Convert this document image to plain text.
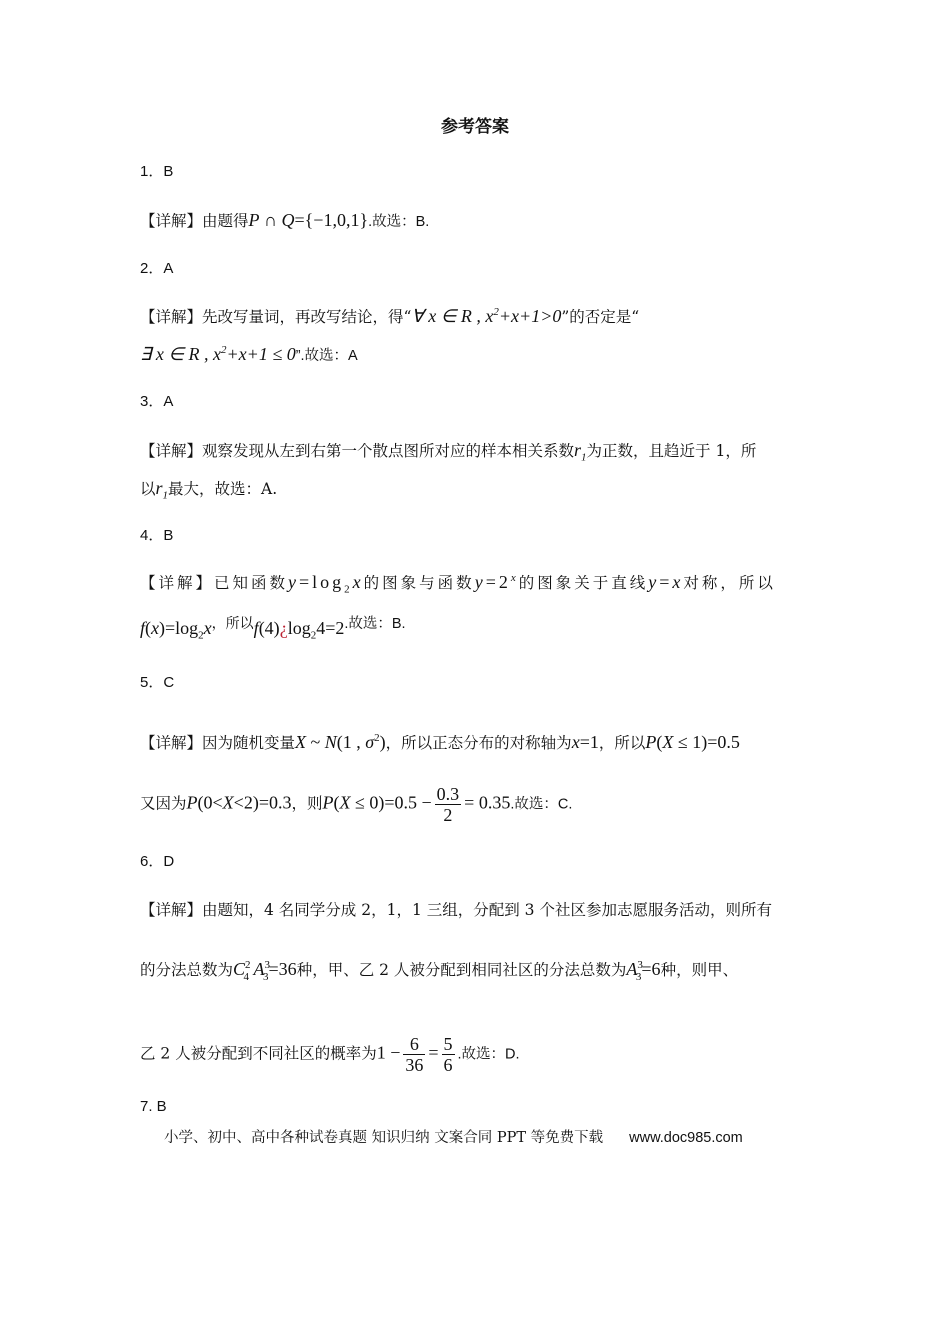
参考答案
1．B
【详解】由题得P ∩ Q={−1,0,1}.故选：B.
2．A
【详解】先改写量词，再改写结论，得“∀ x ∈ R , $x^2+x+1>0$”的否定是“
∃ x ∈ R , $x^2+x+1 \le 0$”.故选：A
3．A
【详解】观察发现从左到右第一个散点图所对应的样本相关系数$r_1$为正数，且趋近于 1，所
以$r_1$最大，故选：A.
4．B
【详解】已知函数$y=\log_2x$的图象与函数$y=2^x$的图象关于直线y=x对称，所以
$f(x)=\log_2x$，所以$f(4)¿\log_24=2$.故选：B.
5．C
【详解】因为随机变量X ~ N(1 , $\sigma^2$)，所以正态分布的对称轴为x=1，所以P(X ≤ 1)=0.5
又因为P(0<X<2)=0.3，则$P(X \le 0)=0.5 - \frac{0.3}{2} = 0.35$.故选：C.
6．D
【详解】由题知，4 名同学分成 2，1，1 三组，分配到 3 个社区参加志愿服务活动，则所有
的分法总数为$C^2_4$ $A^3_3=36$种，甲、乙 2 人被分配到相同社区的分法总数为$A^3_3=6$种，则甲、
乙 2 人被分配到不同社区的概率为$1 - \frac{6}{36} = \frac{5}{6}$ .故选：D.
7. B
小学、初中、高中各种试卷真题 知识归纳 文案合同 PPT 等免费下载 www.doc985.com
